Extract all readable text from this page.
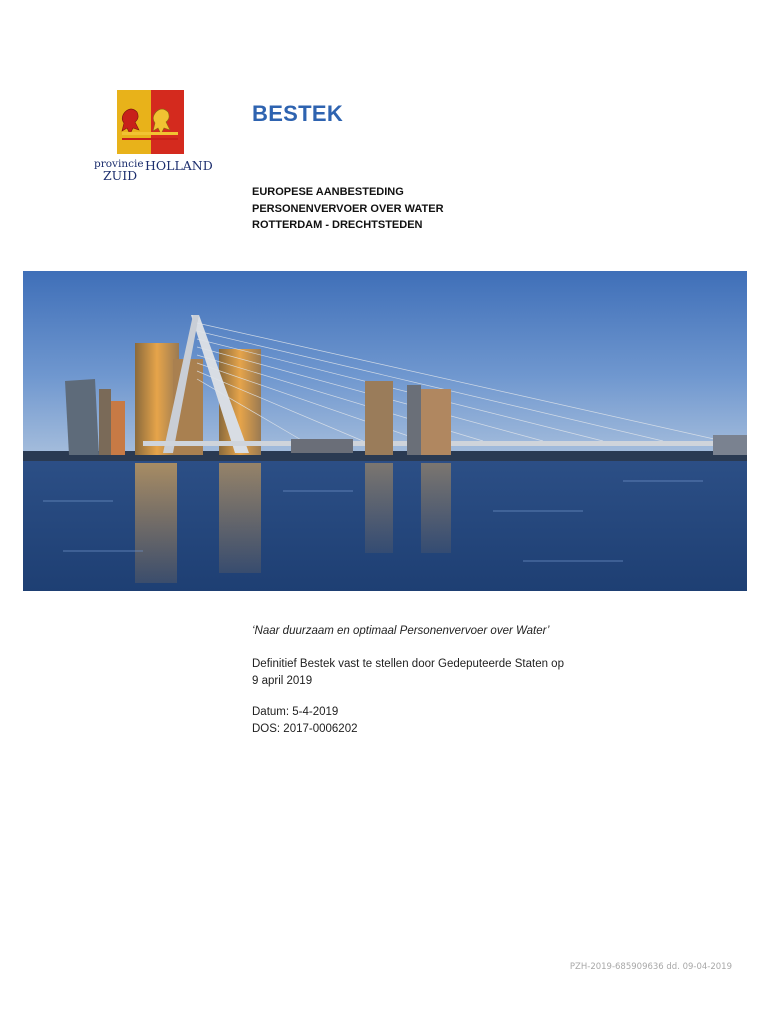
provincie HOLLAND
ZUID
BESTEK
EUROPESE AANBESTEDING
PERSONENVERVOER OVER WATER
ROTTERDAM - DRECHTSTEDEN
‘Naar duurzaam en optimaal Personenvervoer over Water’
Definitief Bestek vast te stellen door Gedeputeerde Staten op
9 april 2019
Datum: 5-4-2019
DOS: 2017-0006202
PZH-2019-685909636 dd. 09-04-2019
